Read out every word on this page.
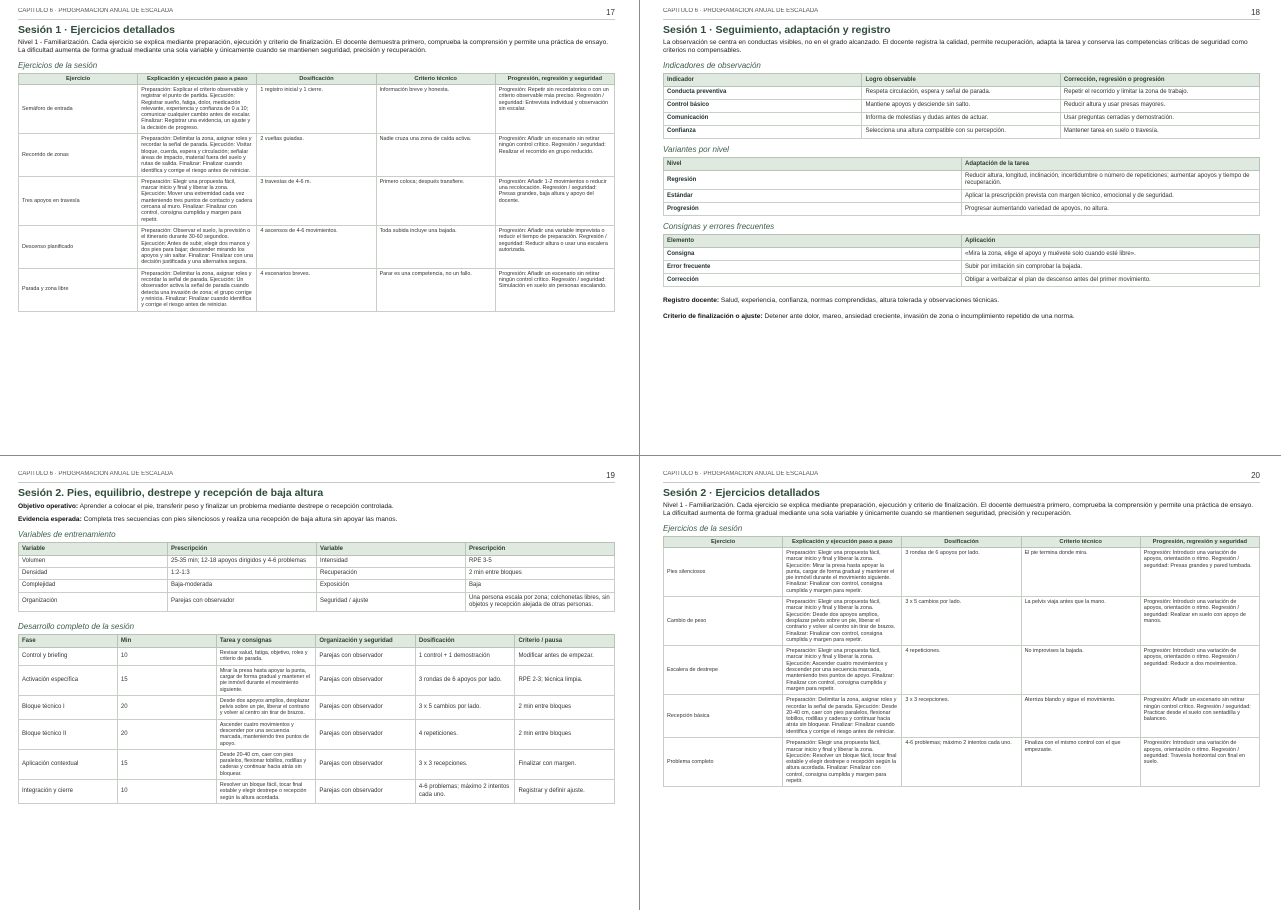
CAPÍTULO 6 · PROGRAMACIÓN ANUAL DE ESCALADA	17
Sesión 1 · Ejercicios detallados

Nivel 1 - Familiarización. Cada ejercicio se explica mediante preparación, ejecución y criterio de finalización. El docente demuestra primero, comprueba la comprensión y permite una práctica de ensayo. La dificultad aumenta de forma gradual mediante una sola variable y únicamente cuando se mantienen seguridad, precisión y recuperación.

Ejercicios de la sesión
Ejercicio	Explicación y ejecución paso a paso	Dosificación	Criterio técnico	Progresión, regresión y seguridad
Semáforo de entrada	Preparación: Explicar el criterio observable y registrar el punto de partida. Ejecución: Registrar sueño, fatiga, dolor, medicación relevante, experiencia y confianza de 0 a 10; comunicar cualquier cambio antes de escalar. Finalizar: Registrar una evidencia, un ajuste y la decisión de progreso.	1 registro inicial y 1 cierre.	Información breve y honesta.	Progresión: Repetir sin recordatorios o con un criterio observable más preciso. Regresión / seguridad: Entrevista individual y observación sin escalar.
Recorrido de zonas	Preparación: Delimitar la zona, asignar roles y recordar la señal de parada. Ejecución: Visitar bloque, cuerda, espera y circulación; señalar áreas de impacto, material fuera del suelo y rutas de salida. Finalizar: Finalizar cuando identifica y corrige el riesgo antes de reiniciar.	2 vueltas guiadas.	Nadie cruza una zona de caída activa.	Progresión: Añadir un escenario sin retirar ningún control crítico. Regresión / seguridad: Realizar el recorrido en grupo reducido.
Tres apoyos en travesía	Preparación: Elegir una propuesta fácil, marcar inicio y final y liberar la zona. Ejecución: Mover una extremidad cada vez manteniendo tres puntos de contacto y cadera cercana al muro. Finalizar: Finalizar con control, consigna cumplida y margen para repetir.	3 travesías de 4-6 m.	Primero coloca; después transfiere.	Progresión: Añadir 1-2 movimientos o reducir una recolocación. Regresión / seguridad: Presas grandes, baja altura y apoyo del docente.
Descenso planificado	Preparación: Observar el suelo, la previsión o el itinerario durante 30-60 segundos. Ejecución: Antes de subir, elegir dos manos y dos pies para bajar; descender mirando los apoyos y sin saltar. Finalizar: Finalizar con una decisión justificada y una alternativa segura.	4 ascensos de 4-6 movimientos.	Toda subida incluye una bajada.	Progresión: Añadir una variable imprevista o reducir el tiempo de preparación. Regresión / seguridad: Reducir altura o usar una escalera autorizada.
Parada y zona libre	Preparación: Delimitar la zona, asignar roles y recordar la señal de parada. Ejecución: Un observador activa la señal de parada cuando detecta una invasión de zona; el grupo corrige y reinicia. Finalizar: Finalizar cuando identifica y corrige el riesgo antes de reiniciar.	4 escenarios breves.	Parar es una competencia, no un fallo.	Progresión: Añadir un escenario sin retirar ningún control crítico. Regresión / seguridad: Simulación en suelo sin personas escalando.
CAPÍTULO 6 · PROGRAMACIÓN ANUAL DE ESCALADA	18
Sesión 1 · Seguimiento, adaptación y registro

La observación se centra en conductas visibles, no en el grado alcanzado. El docente registra la calidad, permite recuperación, adapta la tarea y conserva las competencias críticas de seguridad como criterios no compensables.

Indicadores de observación
Indicador	Logro observable	Corrección, regresión o progresión
Conducta preventiva	Respeta circulación, espera y señal de parada.	Repetir el recorrido y limitar la zona de trabajo.
Control básico	Mantiene apoyos y desciende sin salto.	Reducir altura y usar presas mayores.
Comunicación	Informa de molestias y dudas antes de actuar.	Usar preguntas cerradas y demostración.
Confianza	Selecciona una altura compatible con su percepción.	Mantener tarea en suelo o travesía.
Variantes por nivel
Nivel	Adaptación de la tarea
Regresión	Reducir altura, longitud, inclinación, incertidumbre o número de repeticiones; aumentar apoyos y tiempo de recuperación.
Estándar	Aplicar la prescripción prevista con margen técnico, emocional y de seguridad.
Progresión	Progresar aumentando variedad de apoyos, no altura.
Consignas y errores frecuentes
Elemento	Aplicación
Consigna	«Mira la zona, elige el apoyo y muévete solo cuando esté libre».
Error frecuente	Subir por imitación sin comprobar la bajada.
Corrección	Obligar a verbalizar el plan de descenso antes del primer movimiento.

Registro docente: Salud, experiencia, confianza, normas comprendidas, altura tolerada y observaciones técnicas.

Criterio de finalización o ajuste: Detener ante dolor, mareo, ansiedad creciente, invasión de zona o incumplimiento repetido de una norma.

CAPÍTULO 6 · PROGRAMACIÓN ANUAL DE ESCALADA	19
Sesión 2. Pies, equilibrio, destrepe y recepción de baja altura

Objetivo operativo: Aprender a colocar el pie, transferir peso y finalizar un problema mediante destrepe o recepción controlada.

Evidencia esperada: Completa tres secuencias con pies silenciosos y realiza una recepción de baja altura sin apoyar las manos.

Variables de entrenamiento
Variable	Prescripción	Variable	Prescripción
Volumen	25-35 min; 12-18 apoyos dirigidos y 4-6 problemas	Intensidad	RPE 3-5
Densidad	1:2-1:3	Recuperación	2 min entre bloques
Complejidad	Baja-moderada	Exposición	Baja
Organización	Parejas con observador	Seguridad / ajuste	Una persona escala por zona; colchonetas libres, sin objetos y recepción alejada de otras personas.
Desarrollo completo de la sesión
Fase	Min	Tarea y consignas	Organización y seguridad	Dosificación	Criterio / pausa
Control y briefing	10	Revisar salud, fatiga, objetivo, roles y criterio de parada.	Parejas con observador	1 control + 1 demostración	Modificar antes de empezar.
Activación específica	15	Mirar la presa hasta apoyar la punta, cargar de forma gradual y mantener el pie inmóvil durante el movimiento siguiente.	Parejas con observador	3 rondas de 6 apoyos por lado.	RPE 2-3; técnica limpia.
Bloque técnico I	20	Desde dos apoyos amplios, desplazar pelvis sobre un pie, liberar el contrario y volver al centro sin tirar de brazos.	Parejas con observador	3 x 5 cambios por lado.	2 min entre bloques
Bloque técnico II	20	Ascender cuatro movimientos y descender por una secuencia marcada, manteniendo tres puntos de apoyo.	Parejas con observador	4 repeticiones.	2 min entre bloques
Aplicación contextual	15	Desde 20-40 cm, caer con pies paralelos, flexionar tobillos, rodillas y caderas y continuar hacia atrás sin bloquear.	Parejas con observador	3 x 3 recepciones.	Finalizar con margen.
Integración y cierre	10	Resolver un bloque fácil, tocar final estable y elegir destrepe o recepción según la altura acordada.	Parejas con observador	4-6 problemas; máximo 2 intentos cada uno.	Registrar y definir ajuste.
CAPÍTULO 6 · PROGRAMACIÓN ANUAL DE ESCALADA	20
Sesión 2 · Ejercicios detallados

Nivel 1 - Familiarización. Cada ejercicio se explica mediante preparación, ejecución y criterio de finalización. El docente demuestra primero, comprueba la comprensión y permite una práctica de ensayo. La dificultad aumenta de forma gradual mediante una sola variable y únicamente cuando se mantienen seguridad, precisión y recuperación.

Ejercicios de la sesión
Ejercicio	Explicación y ejecución paso a paso	Dosificación	Criterio técnico	Progresión, regresión y seguridad
Pies silenciosos	Preparación: Elegir una propuesta fácil, marcar inicio y final y liberar la zona. Ejecución: Mirar la presa hasta apoyar la punta, cargar de forma gradual y mantener el pie inmóvil durante el movimiento siguiente. Finalizar: Finalizar con control, consigna cumplida y margen para repetir.	3 rondas de 6 apoyos por lado.	El pie termina donde mira.	Progresión: Introducir una variación de apoyos, orientación o ritmo. Regresión / seguridad: Presas grandes y pared tumbada.
Cambio de peso	Preparación: Elegir una propuesta fácil, marcar inicio y final y liberar la zona. Ejecución: Desde dos apoyos amplios, desplazar pelvis sobre un pie, liberar el contrario y volver al centro sin tirar de brazos. Finalizar: Finalizar con control, consigna cumplida y margen para repetir.	3 x 5 cambios por lado.	La pelvis viaja antes que la mano.	Progresión: Introducir una variación de apoyos, orientación o ritmo. Regresión / seguridad: Realizar en suelo con apoyo de manos.
Escalera de destrepe	Preparación: Elegir una propuesta fácil, marcar inicio y final y liberar la zona. Ejecución: Ascender cuatro movimientos y descender por una secuencia marcada, manteniendo tres puntos de apoyo. Finalizar: Finalizar con control, consigna cumplida y margen para repetir.	4 repeticiones.	No improvises la bajada.	Progresión: Introducir una variación de apoyos, orientación o ritmo. Regresión / seguridad: Reducir a dos movimientos.
Recepción básica	Preparación: Delimitar la zona, asignar roles y recordar la señal de parada. Ejecución: Desde 20-40 cm, caer con pies paralelos, flexionar tobillos, rodillas y caderas y continuar hacia atrás sin bloquear. Finalizar: Finalizar cuando identifica y corrige el riesgo antes de reiniciar.	3 x 3 recepciones.	Aterriza blando y sigue el movimiento.	Progresión: Añadir un escenario sin retirar ningún control crítico. Regresión / seguridad: Practicar desde el suelo con sentadilla y balanceo.
Problema completo	Preparación: Elegir una propuesta fácil, marcar inicio y final y liberar la zona. Ejecución: Resolver un bloque fácil, tocar final estable y elegir destrepe o recepción según la altura acordada. Finalizar: Finalizar con control, consigna cumplida y margen para repetir.	4-6 problemas; máximo 2 intentos cada uno.	Finaliza con el mismo control con el que empezaste.	Progresión: Introducir una variación de apoyos, orientación o ritmo. Regresión / seguridad: Travesía horizontal con final en suelo.
